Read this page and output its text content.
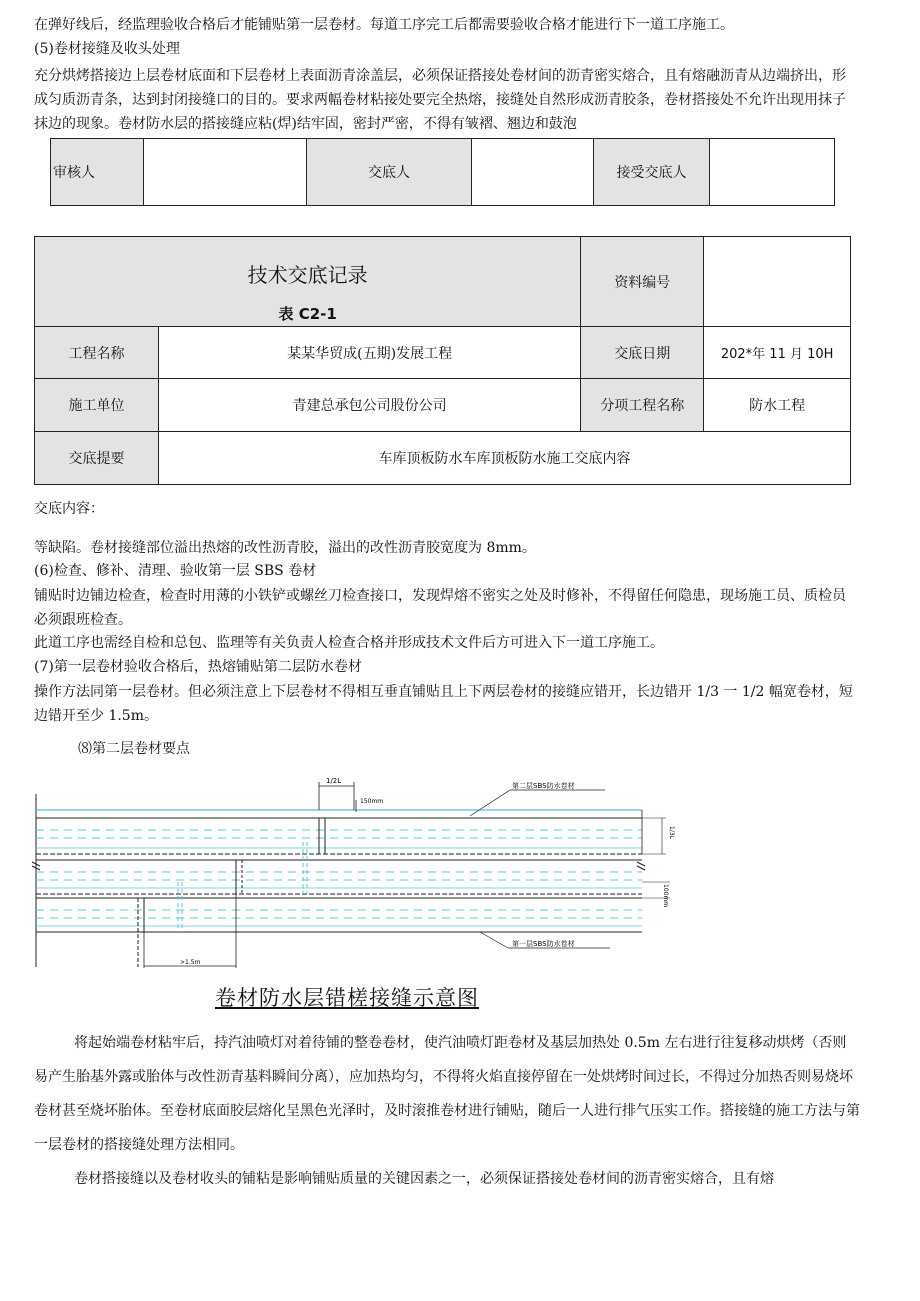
在弹好线后，经监理验收合格后才能铺贴第一层卷材。每道工序完工后都需要验收合格才能进行下一道工序施工。
(5)卷材接缝及收头处理
充分烘烤搭接边上层卷材底面和下层卷材上表面沥青涂盖层，必须保证搭接处卷材间的沥青密实熔合，且有熔融沥青从边端挤出，形成匀质沥青条，达到封闭接缝口的目的。要求两幅卷材粘接处要完全热熔，接缝处自然形成沥青胶条，卷材搭接处不允许出现用抹子抹边的现象。卷材防水层的搭接缝应粘(焊)结牢固，密封严密，不得有皱褶、翘边和鼓泡
审核人		交底人		接受交底人	
技术交底记录
表 C2-1		资料编号	
工程名称	某某华贸成(五期)发展工程	交底日期	202*年 11 月 10H
施工单位	青建总承包公司股份公司	分项工程名称	防水工程
交底提要	车库顶板防水车库顶板防水施工交底内容		
交底内容：
等缺陷。卷材接缝部位溢出热熔的改性沥青胶，溢出的改性沥青胶宽度为 8mm。
(6)检查、修补、清理、验收第一层 SBS 卷材
铺贴时边铺边检查，检查时用薄的小铁铲或螺丝刀检查接口，发现焊熔不密实之处及时修补，不得留任何隐患，现场施工员、质检员必须跟班检查。
此道工序也需经自检和总包、监理等有关负责人检查合格并形成技术文件后方可进入下一道工序施工。
(7)第一层卷材验收合格后，热熔铺贴第二层防水卷材
操作方法同第一层卷材。但必须注意上下层卷材不得相互垂直铺贴且上下两层卷材的接缝应错开，长边错开 1/3 一 1/2 幅宽卷材，短边错开至少 1.5m。
⑻第二层卷材要点
1/2L
150mm
第二层SBS防水卷材
第一层SBS防水卷材
1/3L
100mm
>1.5m
卷材防水层错槎接缝示意图
将起始端卷材粘牢后，持汽油喷灯对着待铺的整卷卷材，使汽油喷灯距卷材及基层加热处 0.5m 左右进行往复移动烘烤（否则易产生胎基外露或胎体与改性沥青基料瞬间分离），应加热均匀，不得将火焰直接停留在一处烘烤时间过长，不得过分加热否则易烧坏卷材甚至烧坏胎体。至卷材底面胶层熔化呈黑色光泽时，及时滚推卷材进行铺贴，随后一人进行排气压实工作。搭接缝的施工方法与第一层卷材的搭接缝处理方法相同。
卷材搭接缝以及卷材收头的铺粘是影响铺贴质量的关键因素之一，必须保证搭接处卷材间的沥青密实熔合，且有熔
